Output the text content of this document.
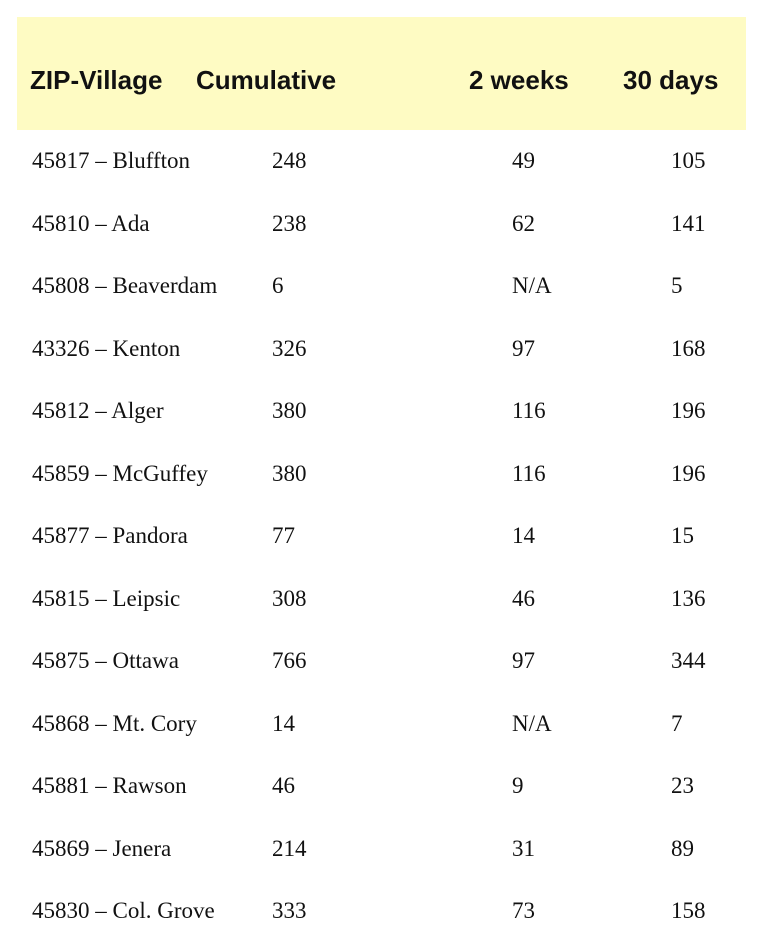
ZIP-Village Cumulative	2 weeks 30 days
45817 – Bluffton	248	49	105
45810 – Ada	238	62	141
45808 – Beaverdam 6	N/A	5
43326 – Kenton	326	97	168
45812 – Alger	380	116	196
45859 – McGuffey	380	116	196
45877 – Pandora	77	14	15
45815 – Leipsic	308	46	136
45875 – Ottawa	766	97	344
45868 – Mt. Cory	14	N/A	7
45881 – Rawson	46	9	23
45869 – Jenera	214	31	89
45830 – Col. Grove 333	73	158
